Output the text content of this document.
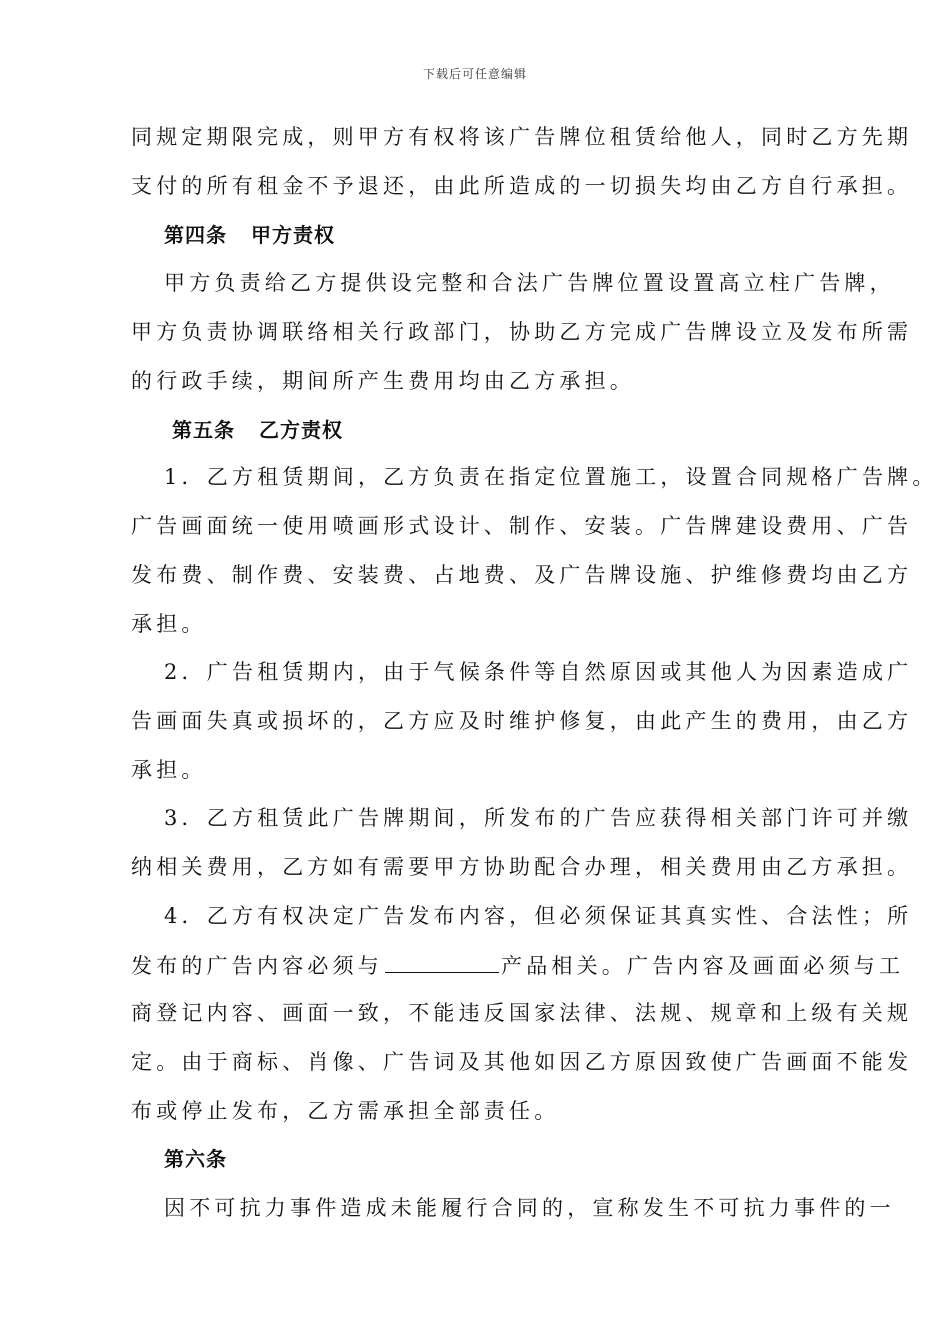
下载后可任意编辑
同规定期限完成，则甲方有权将该广告牌位租赁给他人，同时乙方先期
支付的所有租金不予退还，由此所造成的一切损失均由乙方自行承担。
第四条 甲方责权
甲方负责给乙方提供设完整和合法广告牌位置设置高立柱广告牌，
甲方负责协调联络相关行政部门，协助乙方完成广告牌设立及发布所需
的行政手续，期间所产生费用均由乙方承担。
第五条 乙方责权
1．乙方租赁期间，乙方负责在指定位置施工，设置合同规格广告牌。
广告画面统一使用喷画形式设计、制作、安装。广告牌建设费用、广告
发布费、制作费、安装费、占地费、及广告牌设施、护维修费均由乙方
承担。
2．广告租赁期内，由于气候条件等自然原因或其他人为因素造成广
告画面失真或损坏的，乙方应及时维护修复，由此产生的费用，由乙方
承担。
3．乙方租赁此广告牌期间，所发布的广告应获得相关部门许可并缴
纳相关费用，乙方如有需要甲方协助配合办理，相关费用由乙方承担。
4．乙方有权决定广告发布内容，但必须保证其真实性、合法性；所
发布的广告内容必须与	产品相关。广告内容及画面必须与工
商登记内容、画面一致，不能违反国家法律、法规、规章和上级有关规
定。由于商标、肖像、广告词及其他如因乙方原因致使广告画面不能发
布或停止发布，乙方需承担全部责任。
第六条
因不可抗力事件造成未能履行合同的，宣称发生不可抗力事件的一
